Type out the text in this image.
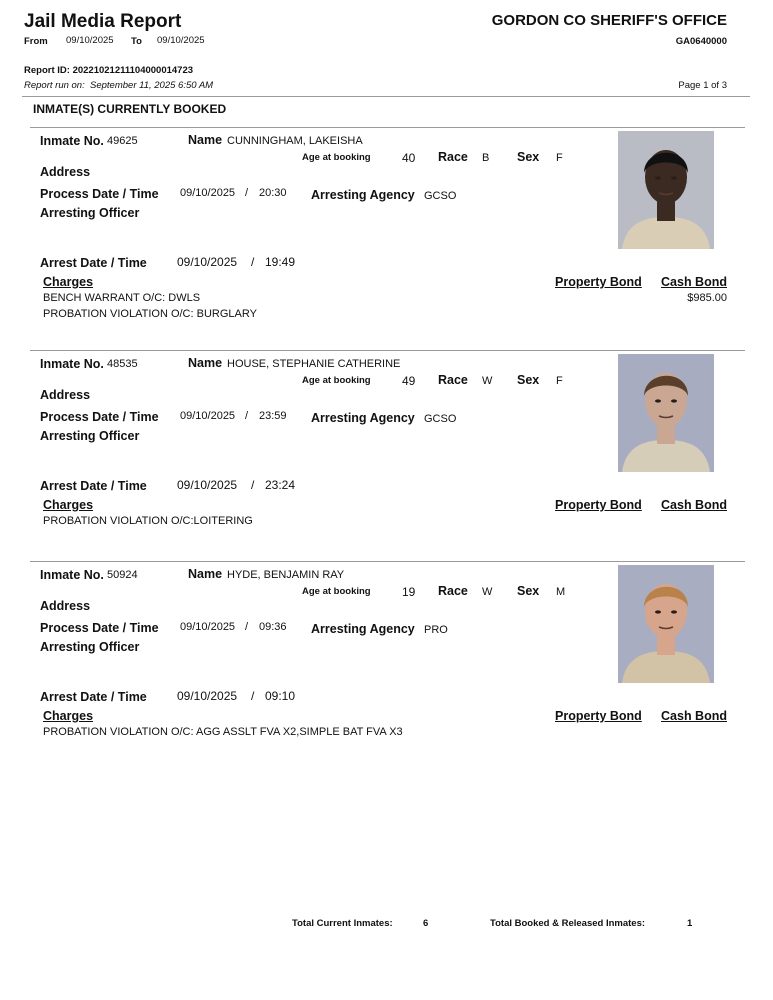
Jail Media Report	GORDON CO SHERIFF'S OFFICE
GA0640000
From 09/10/2025 To 09/10/2025
Report ID: 20221021211104000014723
Report run on: September 11, 2025 6:50 AM	Page 1 of 3
INMATE(S) CURRENTLY BOOKED
Inmate No. 49625	Name CUNNINGHAM, LAKEISHA
Age at booking	40 Race B Sex F
Address
Process Date / Time 09/10/2025 / 20:30 Arresting Agency GCSO
Arresting Officer
Arrest Date / Time	09/10/2025 / 19:49
Charges	Property Bond Cash Bond
BENCH WARRANT O/C: DWLS	$985.00
PROBATION VIOLATION O/C: BURGLARY
Inmate No. 48535	Name HOUSE, STEPHANIE CATHERINE
Age at booking	49 Race W Sex F
Address
Process Date / Time 09/10/2025 / 23:59 Arresting Agency GCSO
Arresting Officer
Arrest Date / Time	09/10/2025 / 23:24
Charges	Property Bond Cash Bond
PROBATION VIOLATION O/C:LOITERING
Inmate No. 50924	Name HYDE, BENJAMIN RAY
Age at booking	19 Race W Sex M
Address
Process Date / Time 09/10/2025 / 09:36 Arresting Agency PRO
Arresting Officer
Arrest Date / Time	09/10/2025 / 09:10
Charges	Property Bond Cash Bond
PROBATION VIOLATION O/C: AGG ASSLT FVA X2,SIMPLE BAT FVA X3
Total Current Inmates:	6	Total Booked & Released Inmates:	1
